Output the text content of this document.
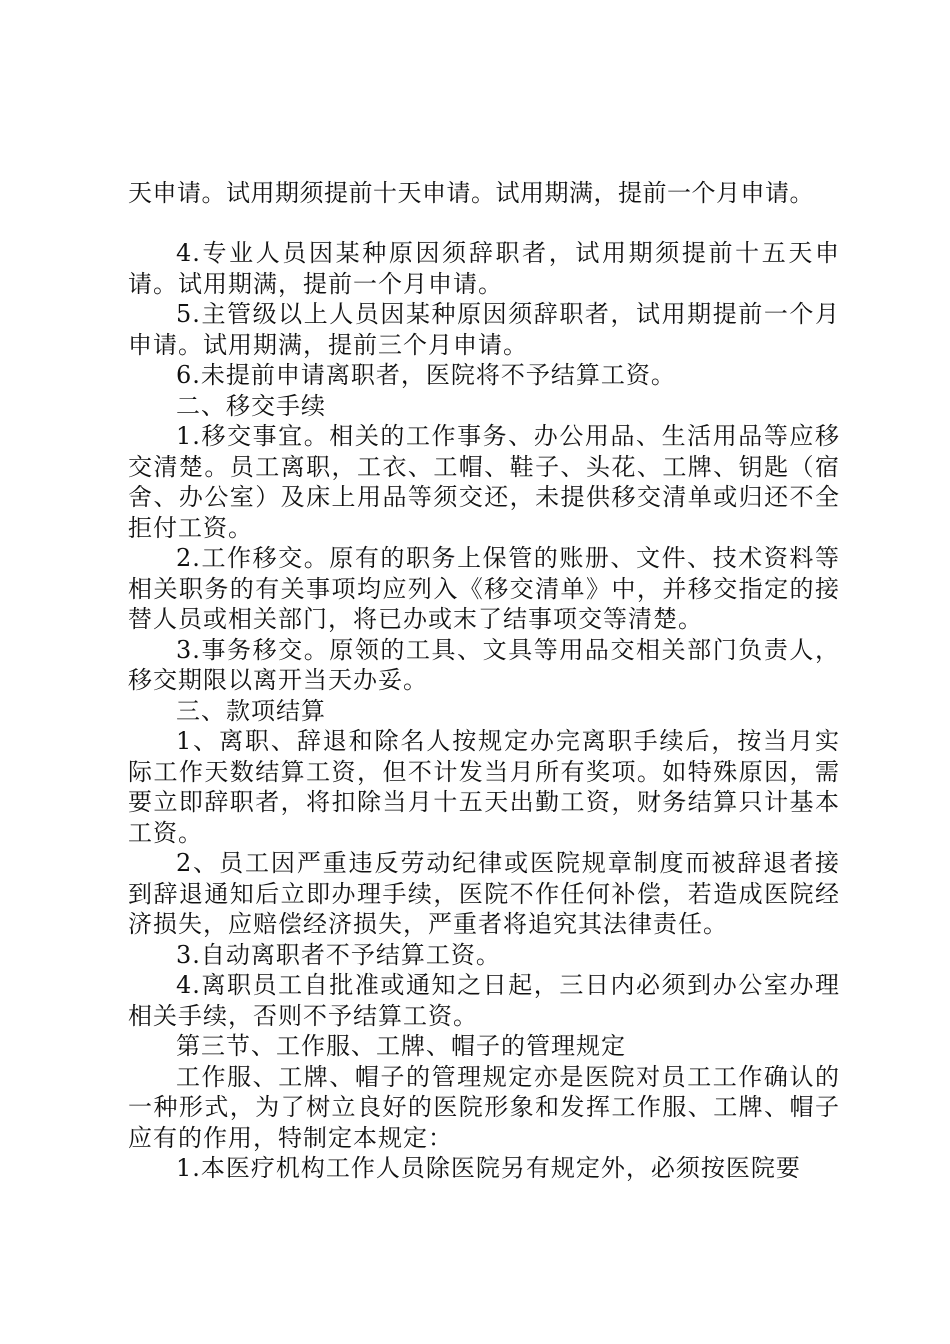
天申请。试用期须提前十天申请。试用期满，提前一个月申请。

4.专业人员因某种原因须辞职者，试用期须提前十五天申请。试用期满，提前一个月申请。

5.主管级以上人员因某种原因须辞职者，试用期提前一个月申请。试用期满，提前三个月申请。

6.未提前申请离职者，医院将不予结算工资。

二、移交手续

1.移交事宜。相关的工作事务、办公用品、生活用品等应移交清楚。员工离职，工衣、工帽、鞋子、头花、工牌、钥匙（宿舍、办公室）及床上用品等须交还，未提供移交清单或归还不全拒付工资。

2.工作移交。原有的职务上保管的账册、文件、技术资料等相关职务的有关事项均应列入《移交清单》中，并移交指定的接替人员或相关部门，将已办或末了结事项交等清楚。

3.事务移交。原领的工具、文具等用品交相关部门负责人，移交期限以离开当天办妥。

三、款项结算

1、离职、辞退和除名人按规定办完离职手续后，按当月实际工作天数结算工资，但不计发当月所有奖项。如特殊原因，需要立即辞职者，将扣除当月十五天出勤工资，财务结算只计基本工资。

2、员工因严重违反劳动纪律或医院规章制度而被辞退者接到辞退通知后立即办理手续，医院不作任何补偿，若造成医院经济损失，应赔偿经济损失，严重者将追究其法律责任。

3.自动离职者不予结算工资。

4.离职员工自批准或通知之日起，三日内必须到办公室办理相关手续，否则不予结算工资。

第三节、工作服、工牌、帽子的管理规定

工作服、工牌、帽子的管理规定亦是医院对员工工作确认的一种形式，为了树立良好的医院形象和发挥工作服、工牌、帽子应有的作用，特制定本规定：

1.本医疗机构工作人员除医院另有规定外，必须按医院要
